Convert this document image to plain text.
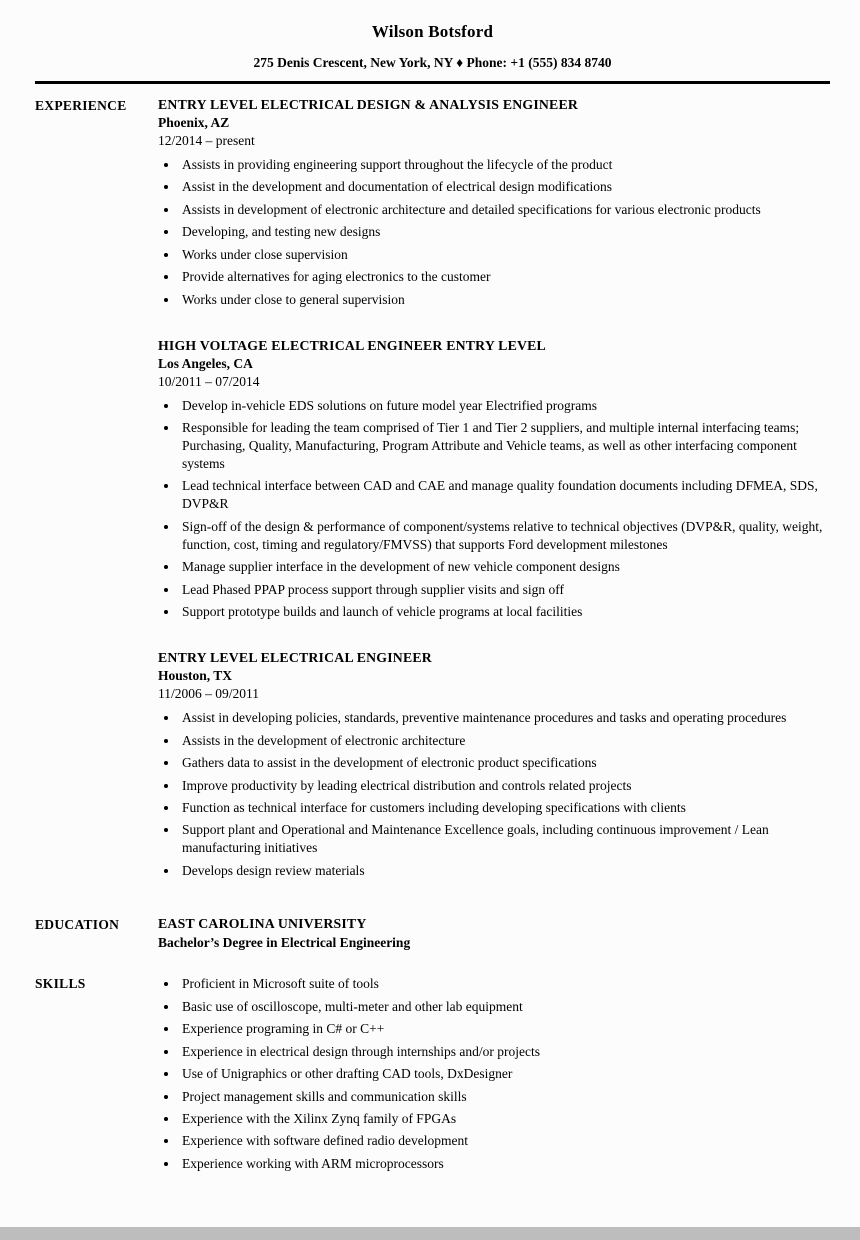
Wilson Botsford
275 Denis Crescent, New York, NY ♦ Phone: +1 (555) 834 8740
EXPERIENCE	ENTRY LEVEL ELECTRICAL DESIGN & ANALYSIS ENGINEER
Phoenix, AZ
12/2014 – present
• Assists in providing engineering support throughout the lifecycle of the product
• Assist in the development and documentation of electrical design modifications
• Assists in development of electronic architecture and detailed specifications for various electronic products
• Developing, and testing new designs
• Works under close supervision
• Provide alternatives for aging electronics to the customer
• Works under close to general supervision
HIGH VOLTAGE ELECTRICAL ENGINEER ENTRY LEVEL
Los Angeles, CA
10/2011 – 07/2014
• Develop in-vehicle EDS solutions on future model year Electrified programs
• Responsible for leading the team comprised of Tier 1 and Tier 2 suppliers, and multiple internal interfacing teams; Purchasing, Quality, Manufacturing, Program Attribute and Vehicle teams, as well as other interfacing component systems
• Lead technical interface between CAD and CAE and manage quality foundation documents including DFMEA, SDS, DVP&R
• Sign-off of the design & performance of component/systems relative to technical objectives (DVP&R, quality, weight, function, cost, timing and regulatory/FMVSS) that supports Ford development milestones
• Manage supplier interface in the development of new vehicle component designs
• Lead Phased PPAP process support through supplier visits and sign off
• Support prototype builds and launch of vehicle programs at local facilities
ENTRY LEVEL ELECTRICAL ENGINEER
Houston, TX
11/2006 – 09/2011
• Assist in developing policies, standards, preventive maintenance procedures and tasks and operating procedures
• Assists in the development of electronic architecture
• Gathers data to assist in the development of electronic product specifications
• Improve productivity by leading electrical distribution and controls related projects
• Function as technical interface for customers including developing specifications with clients
• Support plant and Operational and Maintenance Excellence goals, including continuous improvement / Lean manufacturing initiatives
• Develops design review materials
EDUCATION	EAST CAROLINA UNIVERSITY
Bachelor’s Degree in Electrical Engineering
SKILLS	• Proficient in Microsoft suite of tools
• Basic use of oscilloscope, multi-meter and other lab equipment
• Experience programing in C# or C++
• Experience in electrical design through internships and/or projects
• Use of Unigraphics or other drafting CAD tools, DxDesigner
• Project management skills and communication skills
• Experience with the Xilinx Zynq family of FPGAs
• Experience with software defined radio development
• Experience working with ARM microprocessors
